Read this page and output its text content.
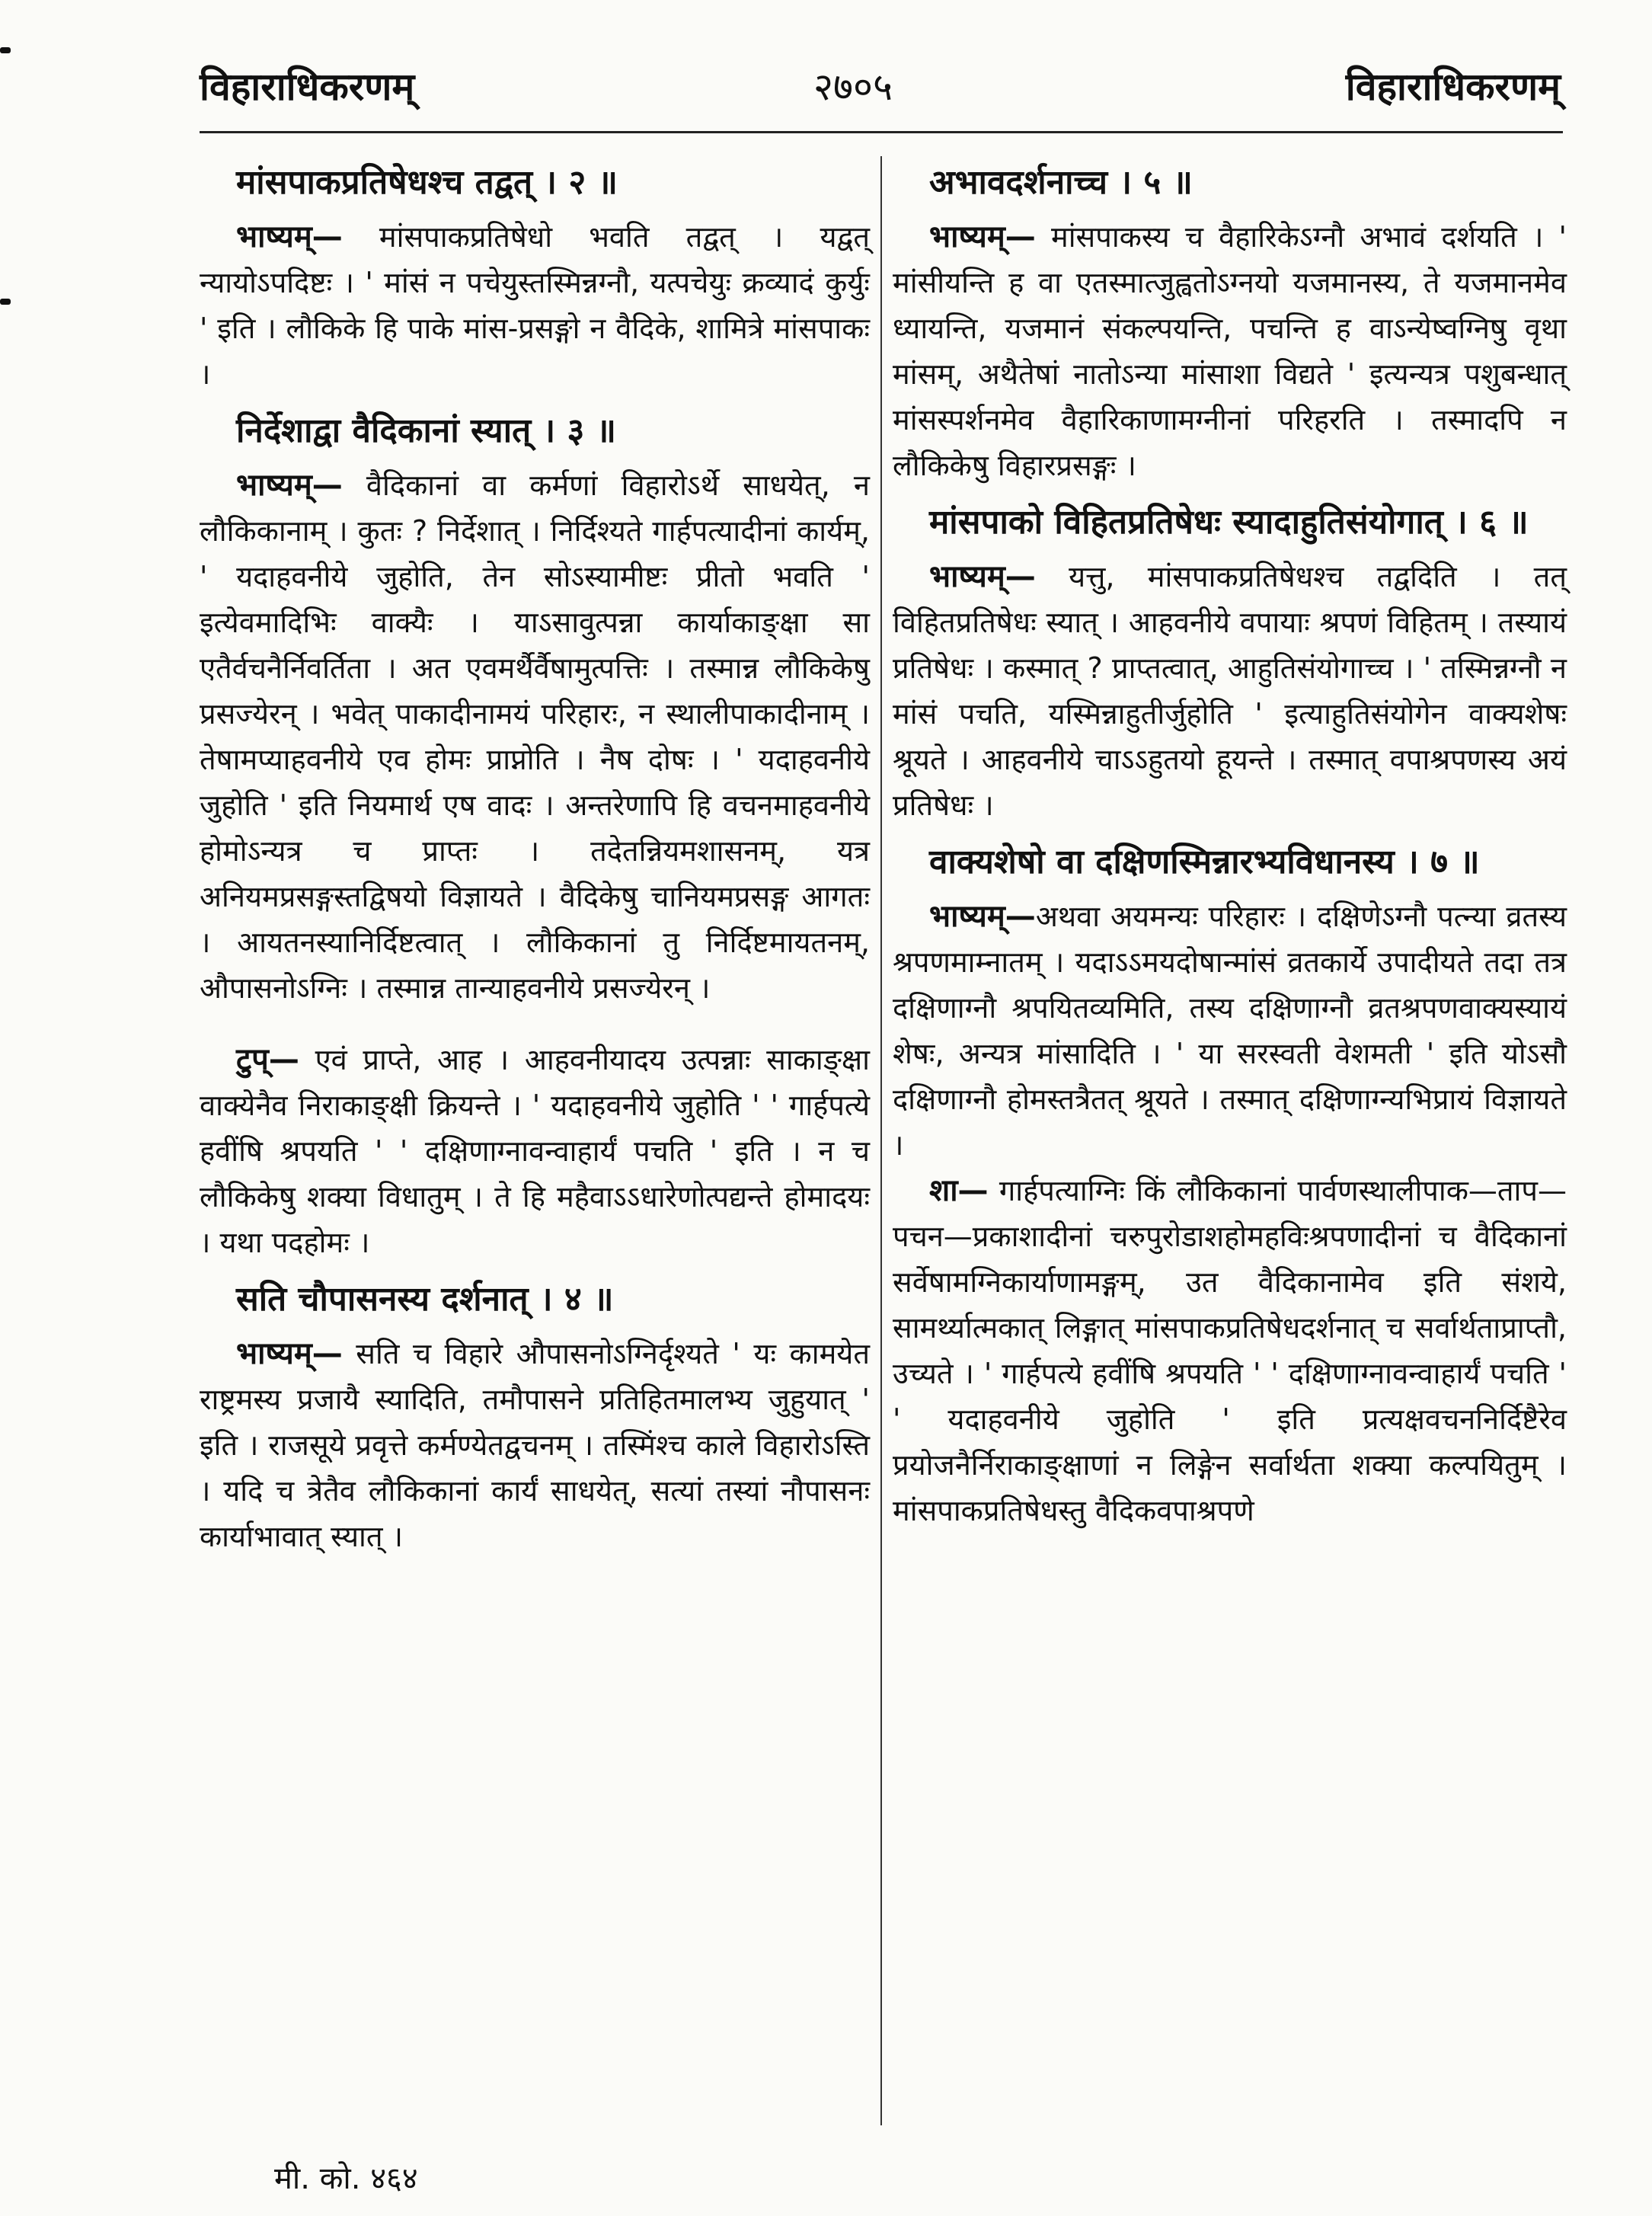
विहाराधिकरणम्	२७०५	विहाराधिकरणम्
मांसपाकप्रतिषेधश्च तद्वत् । २ ॥

भाष्यम्— मांसपाकप्रतिषेधो भवति तद्वत् । यद्वत् न्यायोऽपदिष्टः । ' मांसं न पचेयुस्तस्मिन्नग्नौ, यत्पचेयुः क्रव्यादं कुर्युः ' इति । लौकिके हि पाके मांस-प्रसङ्गो न वैदिके, शामित्रे मांसपाकः ।

निर्देशाद्वा वैदिकानां स्यात् । ३ ॥

भाष्यम्— वैदिकानां वा कर्मणां विहारोऽर्थे साधयेत्, न लौकिकानाम् । कुतः ? निर्देशात् । निर्दिश्यते गार्हपत्यादीनां कार्यम्, ' यदाहवनीये जुहोति, तेन सोऽस्यामीष्टः प्रीतो भवति ' इत्येवमादिभिः वाक्यैः । याऽसावुत्पन्ना कार्याकाङ्क्षा सा एतैर्वचनैर्निवर्तिता । अत एवमर्थैर्वैषामुत्पत्तिः । तस्मान्न लौकिकेषु प्रसज्येरन् । भवेत् पाकादीनामयं परिहारः, न स्थालीपाकादीनाम् । तेषामप्याहवनीये एव होमः प्राप्नोति । नैष दोषः । ' यदाहवनीये जुहोति ' इति नियमार्थ एष वादः । अन्तरेणापि हि वचनमाहवनीये होमोऽन्यत्र च प्राप्तः । तदेतन्नियमशासनम्, यत्र अनियमप्रसङ्गस्तद्विषयो विज्ञायते । वैदिकेषु चानियमप्रसङ्ग आगतः । आयतनस्यानिर्दिष्टत्वात् । लौकिकानां तु निर्दिष्टमायतनम्, औपासनोऽग्निः । तस्मान्न तान्याहवनीये प्रसज्येरन् ।

टुप्— एवं प्राप्ते, आह । आहवनीयादय उत्पन्नाः साकाङ्क्षा वाक्येनैव निराकाङ्क्षी क्रियन्ते । ' यदाहवनीये जुहोति ' ' गार्हपत्ये हवींषि श्रपयति ' ' दक्षिणाग्नावन्वाहार्यं पचति ' इति । न च लौकिकेषु शक्या विधातुम् । ते हि महैवाऽऽधारेणोत्पद्यन्ते होमादयः । यथा पदहोमः ।

सति चौपासनस्य दर्शनात् । ४ ॥

भाष्यम्— सति च विहारे औपासनोऽग्निर्दृश्यते ' यः कामयेत राष्ट्रमस्य प्रजायै स्यादिति, तमौपासने प्रतिहितमालभ्य जुहुयात् ' इति । राजसूये प्रवृत्ते कर्मण्येतद्वचनम् । तस्मिंश्च काले विहारोऽस्ति । यदि च त्रेतैव लौकिकानां कार्यं साधयेत्, सत्यां तस्यां नौपासनः कार्याभावात् स्यात् ।

अभावदर्शनाच्च । ५ ॥

भाष्यम्— मांसपाकस्य च वैहारिकेऽग्नौ अभावं दर्शयति । ' मांसीयन्ति ह वा एतस्मात्जुह्वतोऽग्नयो यजमानस्य, ते यजमानमेव ध्यायन्ति, यजमानं संकल्पयन्ति, पचन्ति ह वाऽन्येष्वग्निषु वृथा मांसम्, अथैतेषां नातोऽन्या मांसाशा विद्यते ' इत्यन्यत्र पशुबन्धात् मांसस्पर्शनमेव वैहारिकाणामग्नीनां परिहरति । तस्मादपि न लौकिकेषु विहारप्रसङ्गः ।

मांसपाको विहितप्रतिषेधः स्यादाहुतिसंयोगात् । ६ ॥

भाष्यम्— यत्तु, मांसपाकप्रतिषेधश्च तद्वदिति । तत् विहितप्रतिषेधः स्यात् । आहवनीये वपायाः श्रपणं विहितम् । तस्यायं प्रतिषेधः । कस्मात् ? प्राप्तत्वात्, आहुतिसंयोगाच्च । ' तस्मिन्नग्नौ न मांसं पचति, यस्मिन्नाहुतीर्जुहोति ' इत्याहुतिसंयोगेन वाक्यशेषः श्रूयते । आहवनीये चाऽऽहुतयो हूयन्ते । तस्मात् वपाश्रपणस्य अयं प्रतिषेधः ।

वाक्यशेषो वा दक्षिणस्मिन्नारभ्यविधानस्य । ७ ॥

भाष्यम्—अथवा अयमन्यः परिहारः । दक्षिणेऽग्नौ पत्न्या व्रतस्य श्रपणमाम्नातम् । यदाऽऽमयदोषान्मांसं व्रतकार्ये उपादीयते तदा तत्र दक्षिणाग्नौ श्रपयितव्यमिति, तस्य दक्षिणाग्नौ व्रतश्रपणवाक्यस्यायं शेषः, अन्यत्र मांसादिति । ' या सरस्वती वेशमती ' इति योऽसौ दक्षिणाग्नौ होमस्तत्रैतत् श्रूयते । तस्मात् दक्षिणाग्न्यभिप्रायं विज्ञायते ।

शा— गार्हपत्याग्निः किं लौकिकानां पार्वणस्थालीपाक—ताप—पचन—प्रकाशादीनां चरुपुरोडाशहोमहविःश्रपणादीनां च वैदिकानां सर्वेषामग्निकार्याणामङ्गम्, उत वैदिकानामेव इति संशये, सामर्थ्यात्मकात् लिङ्गात् मांसपाकप्रतिषेधदर्शनात् च सर्वार्थताप्राप्तौ, उच्यते । ' गार्हपत्ये हवींषि श्रपयति ' ' दक्षिणाग्नावन्वाहार्यं पचति ' ' यदाहवनीये जुहोति ' इति प्रत्यक्षवचननिर्दिष्टैरेव प्रयोजनैर्निराकाङ्क्षाणां न लिङ्गेन सर्वार्थता शक्या कल्पयितुम् । मांसपाकप्रतिषेधस्तु वैदिकवपाश्रपणे

मी. को. ४६४
